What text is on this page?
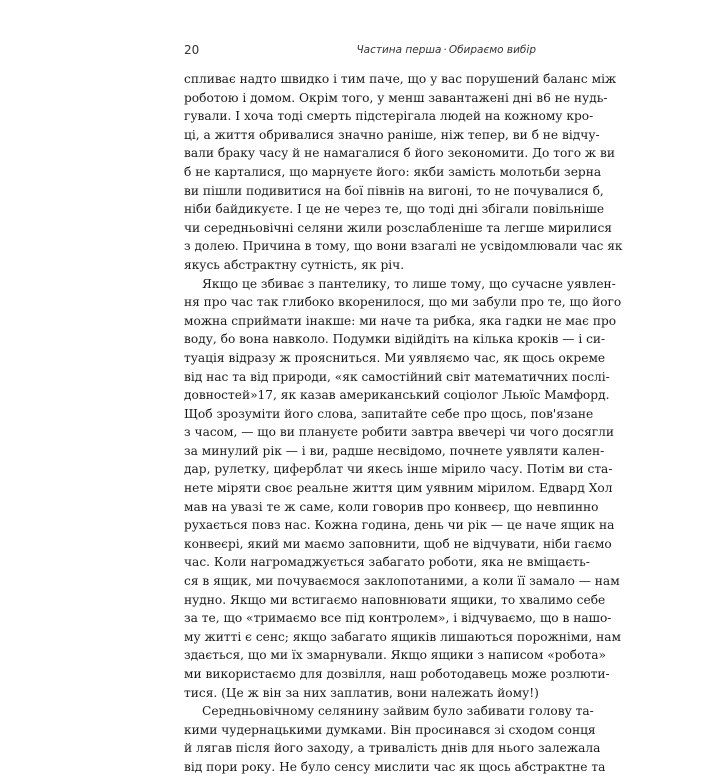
20	Частина перша · Обираємо вибір
спливає надто швидко і тим паче, що у вас порушений баланс між
роботою і домом. Окрім того, у менш завантажені дні в6 не нудь-
гували. І хоча тоді смерть підстерігала людей на кожному кро-
ці, а життя обривалися значно раніше, ніж тепер, ви б не відчу-
вали браку часу й не намагалися б його зекономити. До того ж ви
б не карталися, що марнуєте його: якби замість молотьби зерна
ви пішли подивитися на бої півнів на вигоні, то не почувалися б,
ніби байдикуєте. І це не через те, що тоді дні збігали повільніше
чи середньовічні селяни жили розслабленіше та легше мирилися
з долею. Причина в тому, що вони взагалі не усвідомлювали час як
якусь абстрактну сутність, як річ.
Якщо це збиває з пантелику, то лише тому, що сучасне уявлен-
ня про час так глибоко вкоренилося, що ми забули про те, що його
можна сприймати інакше: ми наче та рибка, яка гадки не має про
воду, бо вона навколо. Подумки відійдіть на кілька кроків — і си-
туація відразу ж проясниться. Ми уявляємо час, як щось окреме
від нас та від природи, «як самостійний світ математичних послі-
довностей»17, як казав американський соціолог Льюїс Мамфорд.
Щоб зрозуміти його слова, запитайте себе про щось, пов'язане
з часом, — що ви плануєте робити завтра ввечері чи чого досягли
за минулий рік — і ви, радше несвідомо, почнете уявляти кален-
дар, рулетку, циферблат чи якесь інше мірило часу. Потім ви ста-
нете міряти своє реальне життя цим уявним мірилом. Едвард Хол
мав на увазі те ж саме, коли говорив про конвеєр, що невпинно
рухається повз нас. Кожна година, день чи рік — це наче ящик на
конвеєрі, який ми маємо заповнити, щоб не відчувати, ніби гаємо
час. Коли нагромаджується забагато роботи, яка не вміщаєть-
ся в ящик, ми почуваємося заклопотаними, а коли її замало — нам
нудно. Якщо ми встигаємо наповнювати ящики, то хвалимо себе
за те, що «тримаємо все під контролем», і відчуваємо, що в нашо-
му житті є сенс; якщо забагато ящиків лишаються порожніми, нам
здається, що ми їх змарнували. Якщо ящики з написом «робота»
ми використаємо для дозвілля, наш роботодавець може розлюти-
тися. (Це ж він за них заплатив, вони належать йому!)
Середньовічному селянину зайвим було забивати голову та-
кими чудернацькими думками. Він просинався зі сходом сонця
й лягав після його заходу, а тривалість днів для нього залежала
від пори року. Не було сенсу мислити час як щось абстрактне та
